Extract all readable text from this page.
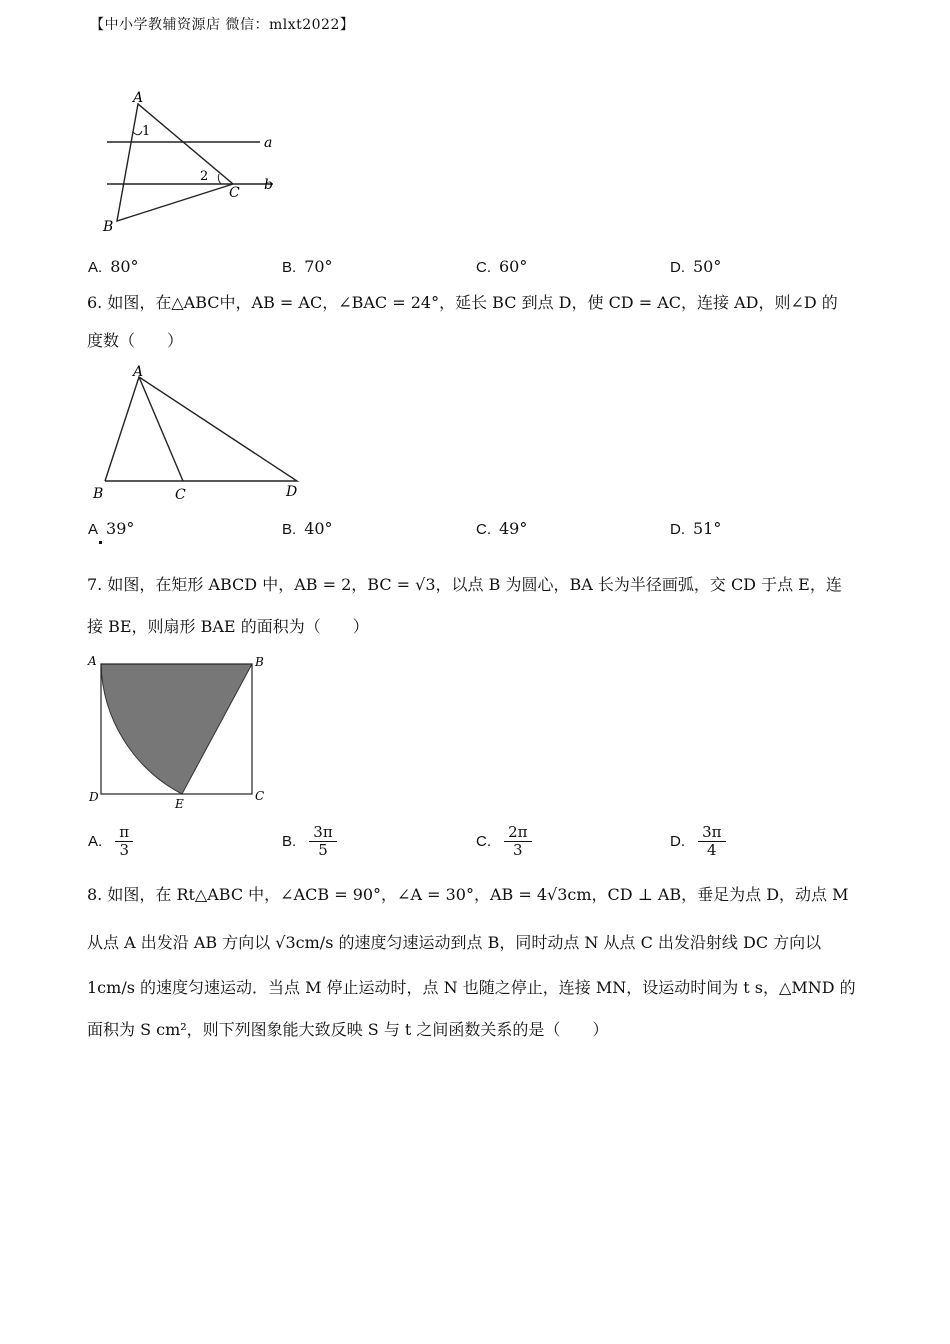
【中小学教辅资源店 微信：mlxt2022】
A
1
2
C
B
a
b
A. 80°	B. 70°	C. 60°	D. 50°
6. 如图，在△ABC中，AB = AC，∠BAC = 24°，延长 BC 到点 D，使 CD = AC，连接 AD，则∠D 的
度数（　　）
A
B	C	D
A 39°	B. 40°	C. 49°	D. 51°
7. 如图，在矩形 ABCD 中，AB = 2，BC = √3，以点 B 为圆心，BA 长为半径画弧，交 CD 于点 E，连
接 BE，则扇形 BAE 的面积为（　　）
A	B
D	C
E
A. $\frac{\pi}{3}$	B. $\frac{3\pi}{5}$	C. $\frac{2\pi}{3}$	D. $\frac{3\pi}{4}$
8. 如图，在 Rt△ABC 中，∠ACB = 90°，∠A = 30°，AB = 4√3cm，CD ⊥ AB，垂足为点 D，动点 M
从点 A 出发沿 AB 方向以 √3cm/s 的速度匀速运动到点 B，同时动点 N 从点 C 出发沿射线 DC 方向以
1cm/s 的速度匀速运动．当点 M 停止运动时，点 N 也随之停止，连接 MN，设运动时间为 t s，△MND 的
面积为 S cm²，则下列图象能大致反映 S 与 t 之间函数关系的是（　　）
